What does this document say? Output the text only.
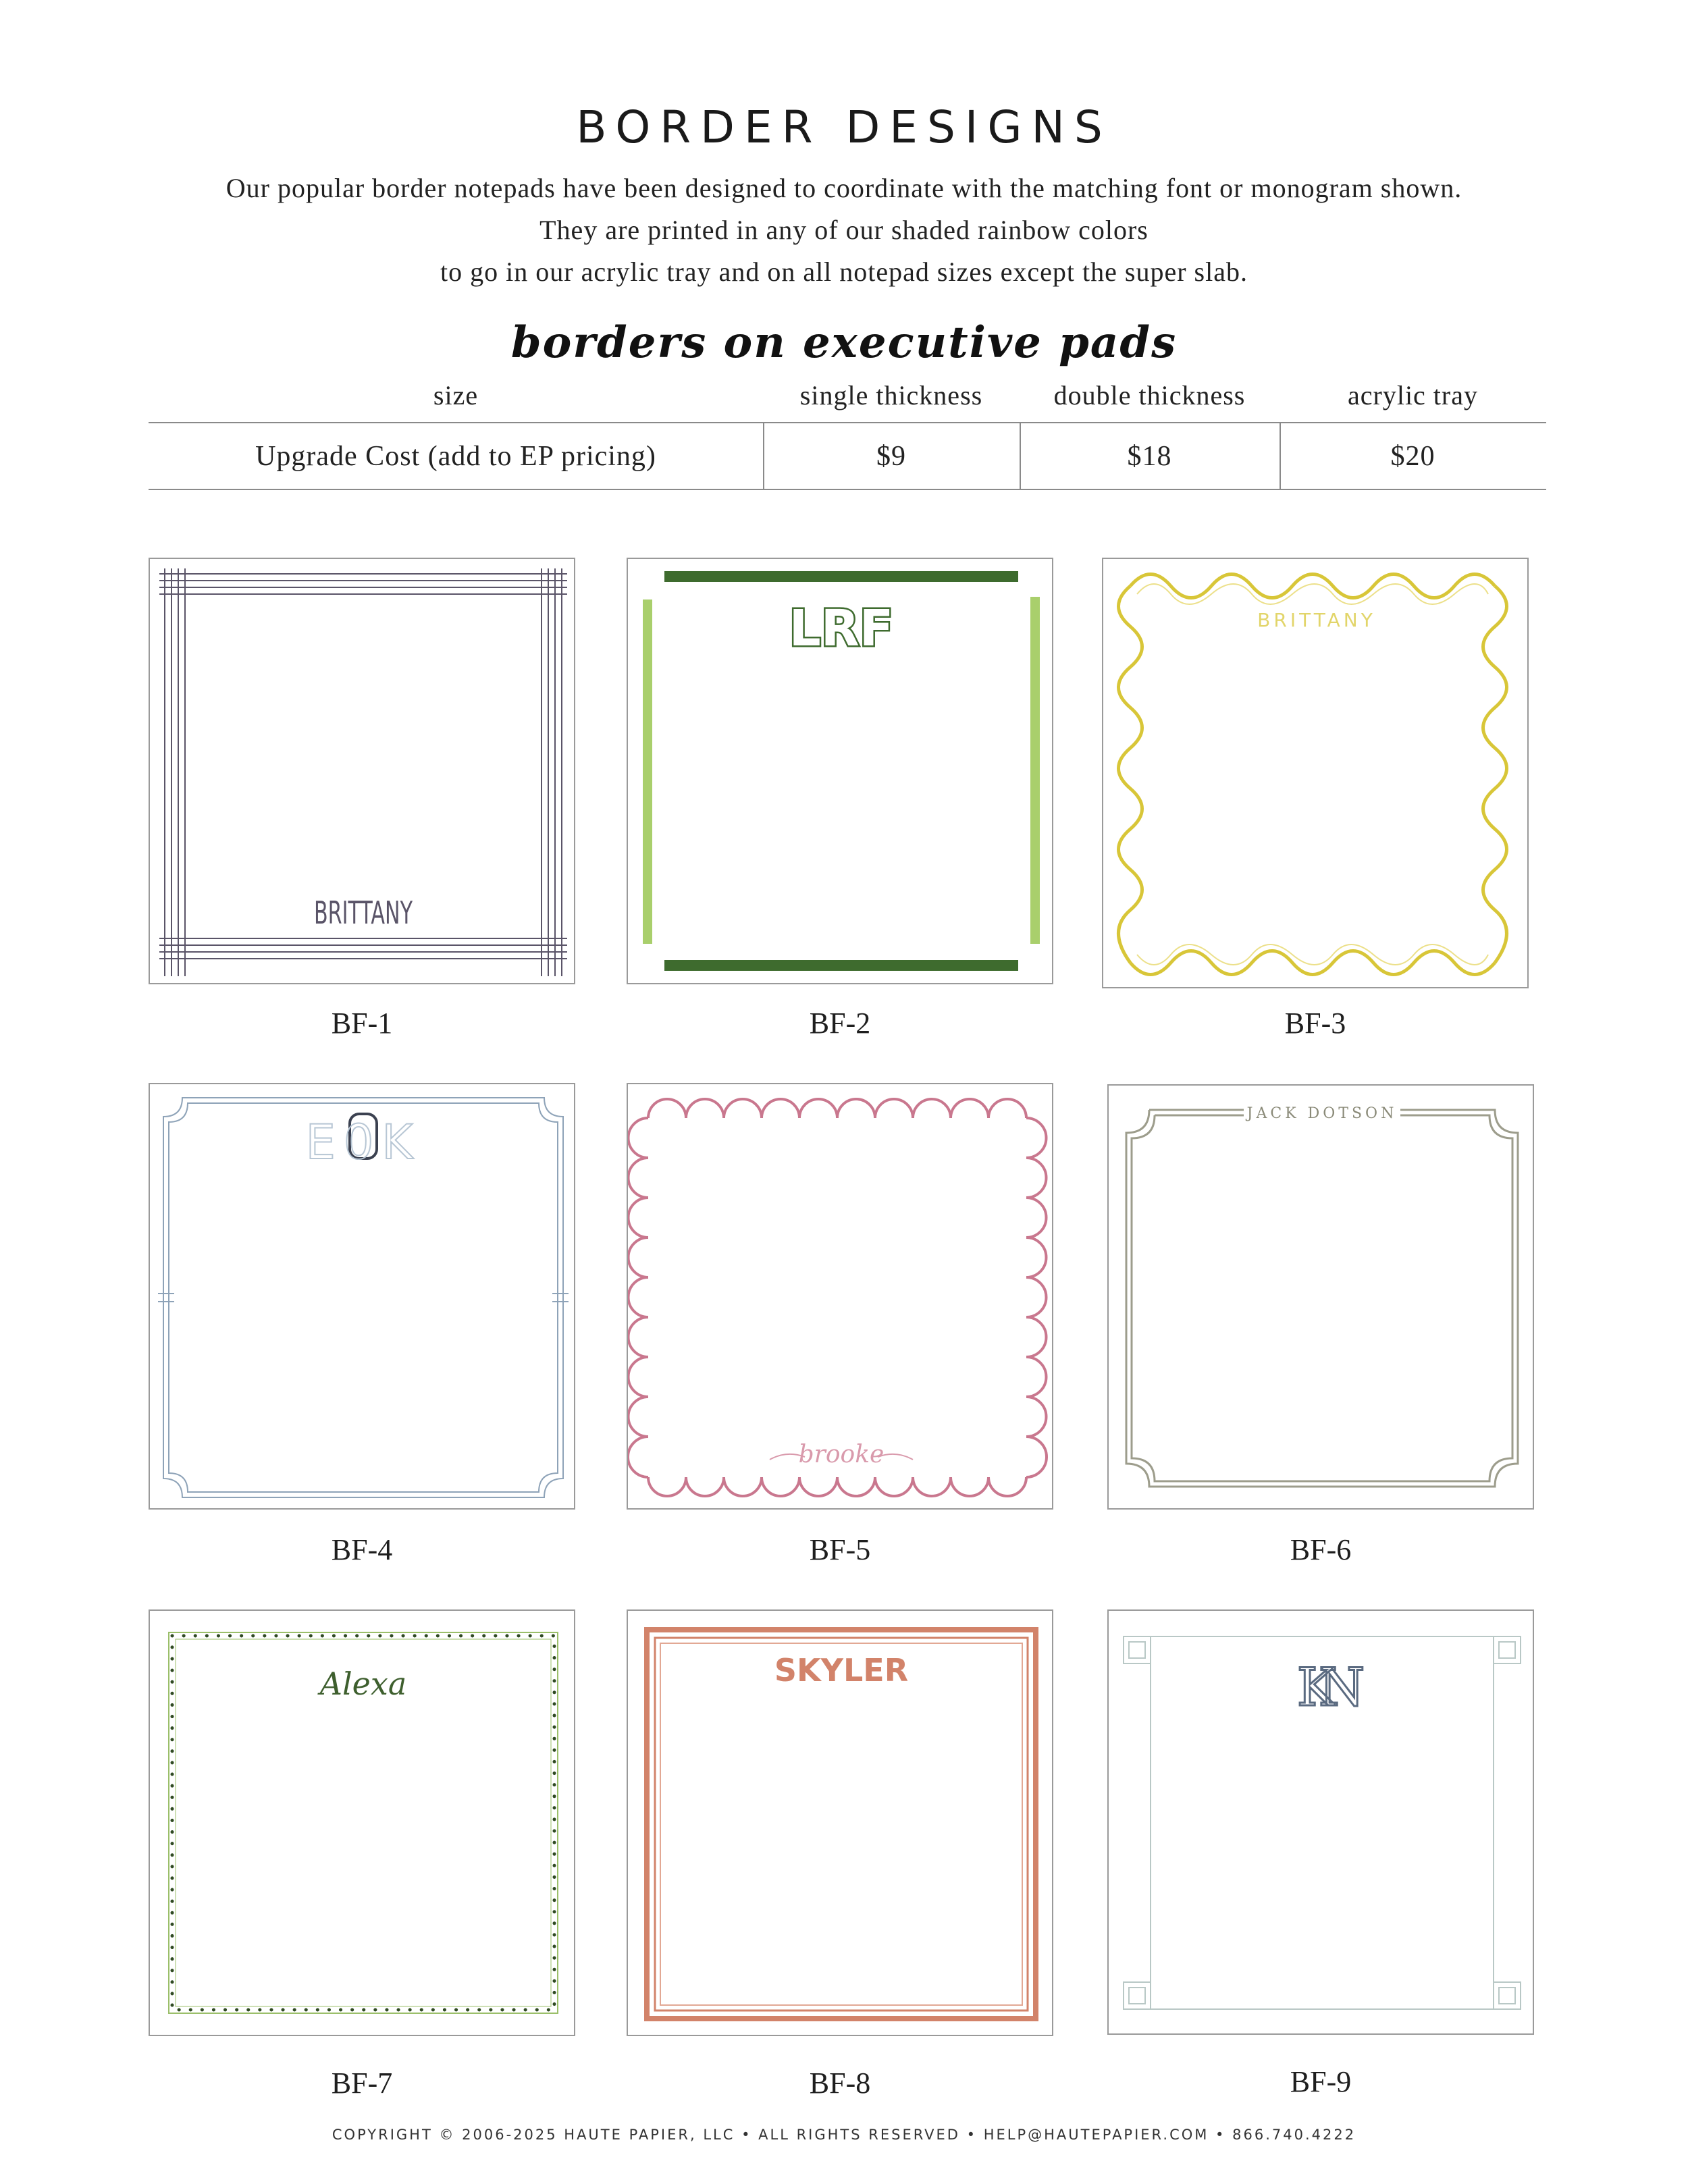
BORDER DESIGNS
Our popular border notepads have been designed to coordinate with the matching font or monogram shown.
They are printed in any of our shaded rainbow colors
to go in our acrylic tray and on all notepad sizes except the super slab.
borders on executive pads
size	single thickness	double thickness	acrylic tray
Upgrade Cost (add to EP pricing)	$9	$18	$20
BRITTANY
BF-1
LRF
BF-2
BRITTANY
BF-3
E0K
BF-4
brooke
BF-5
JACK DOTSON
BF-6
Alexa
BF-7
SKYLER
BF-8
KN
BF-9
COPYRIGHT © 2006-2025 HAUTE PAPIER, LLC • ALL RIGHTS RESERVED • HELP@HAUTEPAPIER.COM • 866.740.4222
